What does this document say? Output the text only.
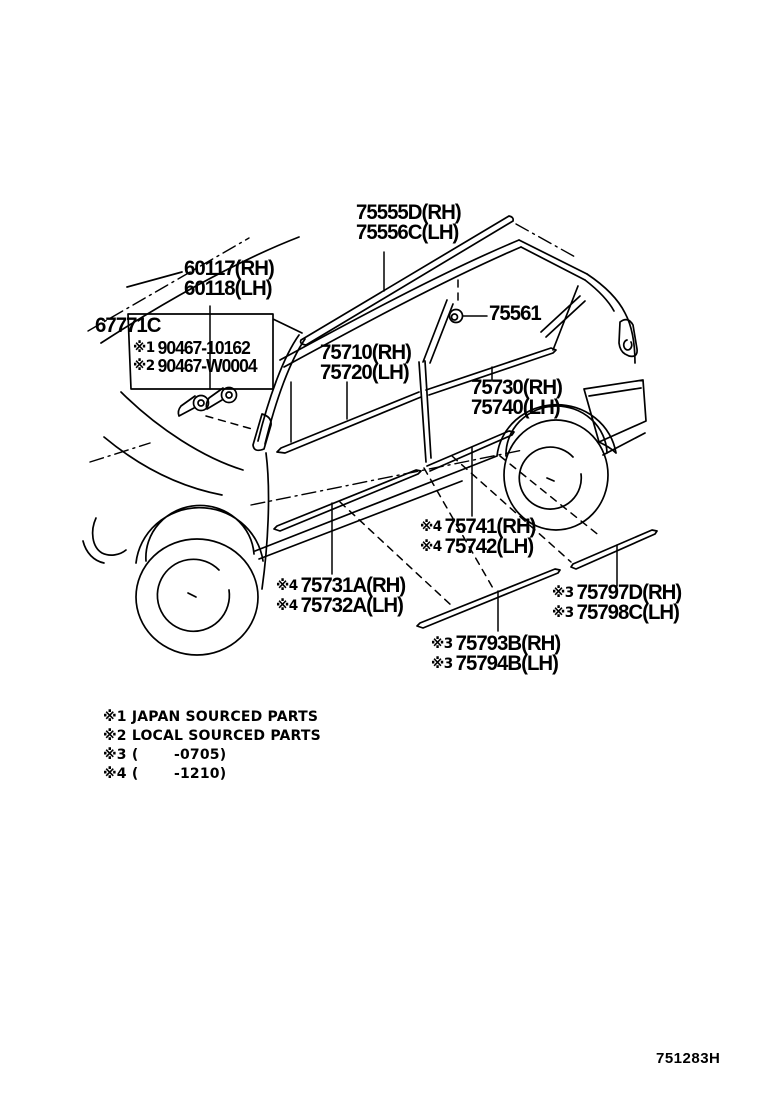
75555D(RH)
75556C(LH)
60117(RH)
60118(LH)
67771C
※1 90467-10162
※2 90467-W0004
75710(RH)
75720(LH)
75561
75730(RH)
75740(LH)
※4 75741(RH)
※4 75742(LH)
※4 75731A(RH)
※4 75732A(LH)
※3 75797D(RH)
※3 75798C(LH)
※3 75793B(RH)
※3 75794B(LH)
※1 JAPAN SOURCED PARTS
※2 LOCAL SOURCED PARTS
※3 (       -0705)
※4 (       -1210)
751283H
